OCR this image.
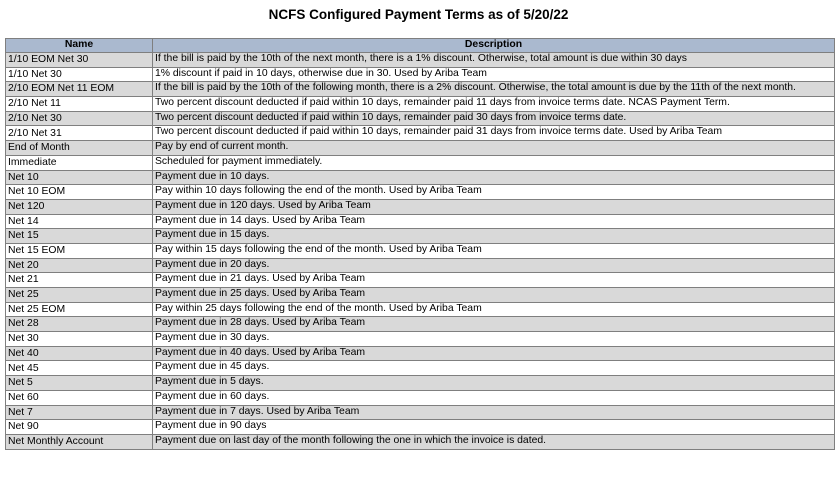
NCFS Configured Payment Terms as of 5/20/22
Name	Description
1/10 EOM Net 30	If the bill is paid by the 10th of the next month, there is a 1% discount. Otherwise, total amount is due within 30 days
1/10 Net 30	1% discount if paid in 10 days, otherwise due in 30. Used by Ariba Team
2/10 EOM Net 11 EOM	If the bill is paid by the 10th of the following month, there is a 2% discount. Otherwise, the total amount is due by the 11th of the next month.
2/10 Net 11	Two percent discount deducted if paid within 10 days, remainder paid 11 days from invoice terms date. NCAS Payment Term.
2/10 Net 30	Two percent discount deducted if paid within 10 days, remainder paid 30 days from invoice terms date.
2/10 Net 31	Two percent discount deducted if paid within 10 days, remainder paid 31 days from invoice terms date. Used by Ariba Team
End of Month	Pay by end of current month.
Immediate	Scheduled for payment immediately.
Net 10	Payment due in 10 days.
Net 10 EOM	Pay within 10 days following the end of the month. Used by Ariba Team
Net 120	Payment due in 120 days. Used by Ariba Team
Net 14	Payment due in 14 days. Used by Ariba Team
Net 15	Payment due in 15 days.
Net 15 EOM	Pay within 15 days following the end of the month. Used by Ariba Team
Net 20	Payment due in 20 days.
Net 21	Payment due in 21 days. Used by Ariba Team
Net 25	Payment due in 25 days. Used by Ariba Team
Net 25 EOM	Pay within 25 days following the end of the month. Used by Ariba Team
Net 28	Payment due in 28 days. Used by Ariba Team
Net 30	Payment due in 30 days.
Net 40	Payment due in 40 days. Used by Ariba Team
Net 45	Payment due in 45 days.
Net 5	Payment due in 5 days.
Net 60	Payment due in 60 days.
Net 7	Payment due in 7 days. Used by Ariba Team
Net 90	Payment due in 90 days
Net Monthly Account	Payment due on last day of the month following the one in which the invoice is dated.
